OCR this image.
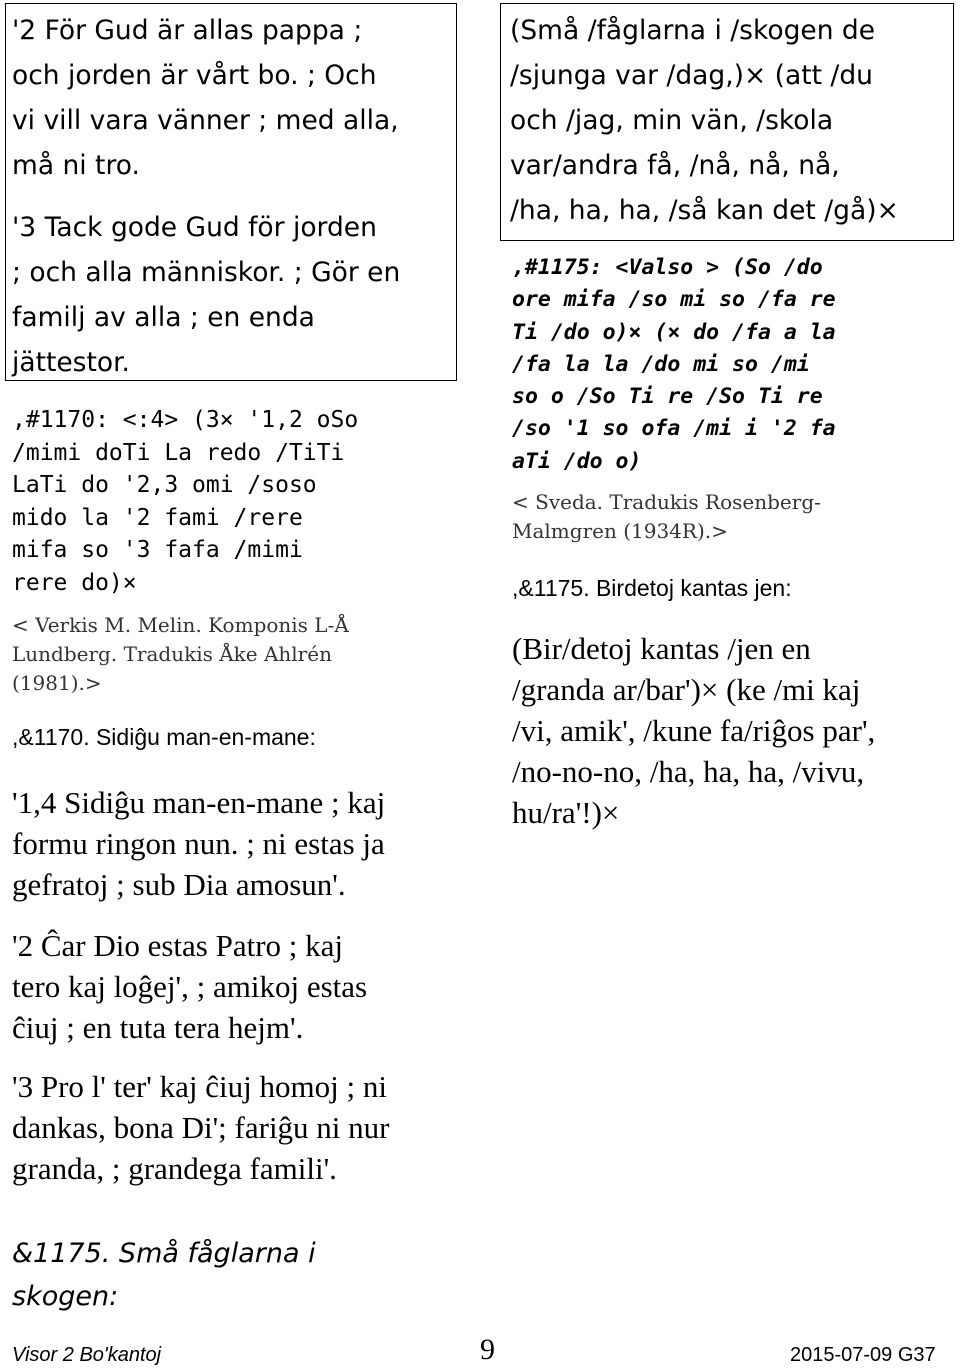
'2 För Gud är allas pappa ;
och jorden är vårt bo. ; Och
vi vill vara vänner ; med alla,
må ni tro.

'3 Tack gode Gud för jorden
; och alla människor. ; Gör en
familj av alla ; en enda
jättestor.

,#1170: <:4> (3× '1,2 oSo
/mimi doTi La redo /TiTi
LaTi do '2,3 omi /soso
mido la '2 fami /rere
mifa so '3 fafa /mimi
rere do)×

< Verkis M. Melin. Komponis L-Å
Lundberg. Tradukis Åke Ahlrén
(1981).>

,&1170. Sidiĝu man-en-mane:

'1,4 Sidiĝu man-en-mane ; kaj
formu ringon nun. ; ni estas ja
gefratoj ; sub Dia amosun'.

'2 Ĉar Dio estas Patro ; kaj
tero kaj loĝej', ; amikoj estas
ĉiuj ; en tuta tera hejm'.

'3 Pro l' ter' kaj ĉiuj homoj ; ni
dankas, bona Di'; fariĝu ni nur
granda, ; grandega famili'.

&1175. Små fåglarna i
skogen:

(Små /fåglarna i /skogen de
/sjunga var /dag,)× (att /du
och /jag, min vän, /skola
var/andra få, /nå, nå, nå,
/ha, ha, ha, /så kan det /gå)×

,#1175: <Valso > (So /do
ore mifa /so mi so /fa re
Ti /do o)× (× do /fa a la
/fa la la /do mi so /mi
so o /So Ti re /So Ti re
/so '1 so ofa /mi i '2 fa
aTi /do o)

< Sveda. Tradukis Rosenberg-
Malmgren (1934R).>

,&1175. Birdetoj kantas jen:

(Bir/detoj kantas /jen en
/granda ar/bar')× (ke /mi kaj
/vi, amik', /kune fa/riĝos par',
/no-no-no, /ha, ha, ha, /vivu,
hu/ra'!)×

Visor 2 Bo'kantoj	9	2015-07-09 G37
